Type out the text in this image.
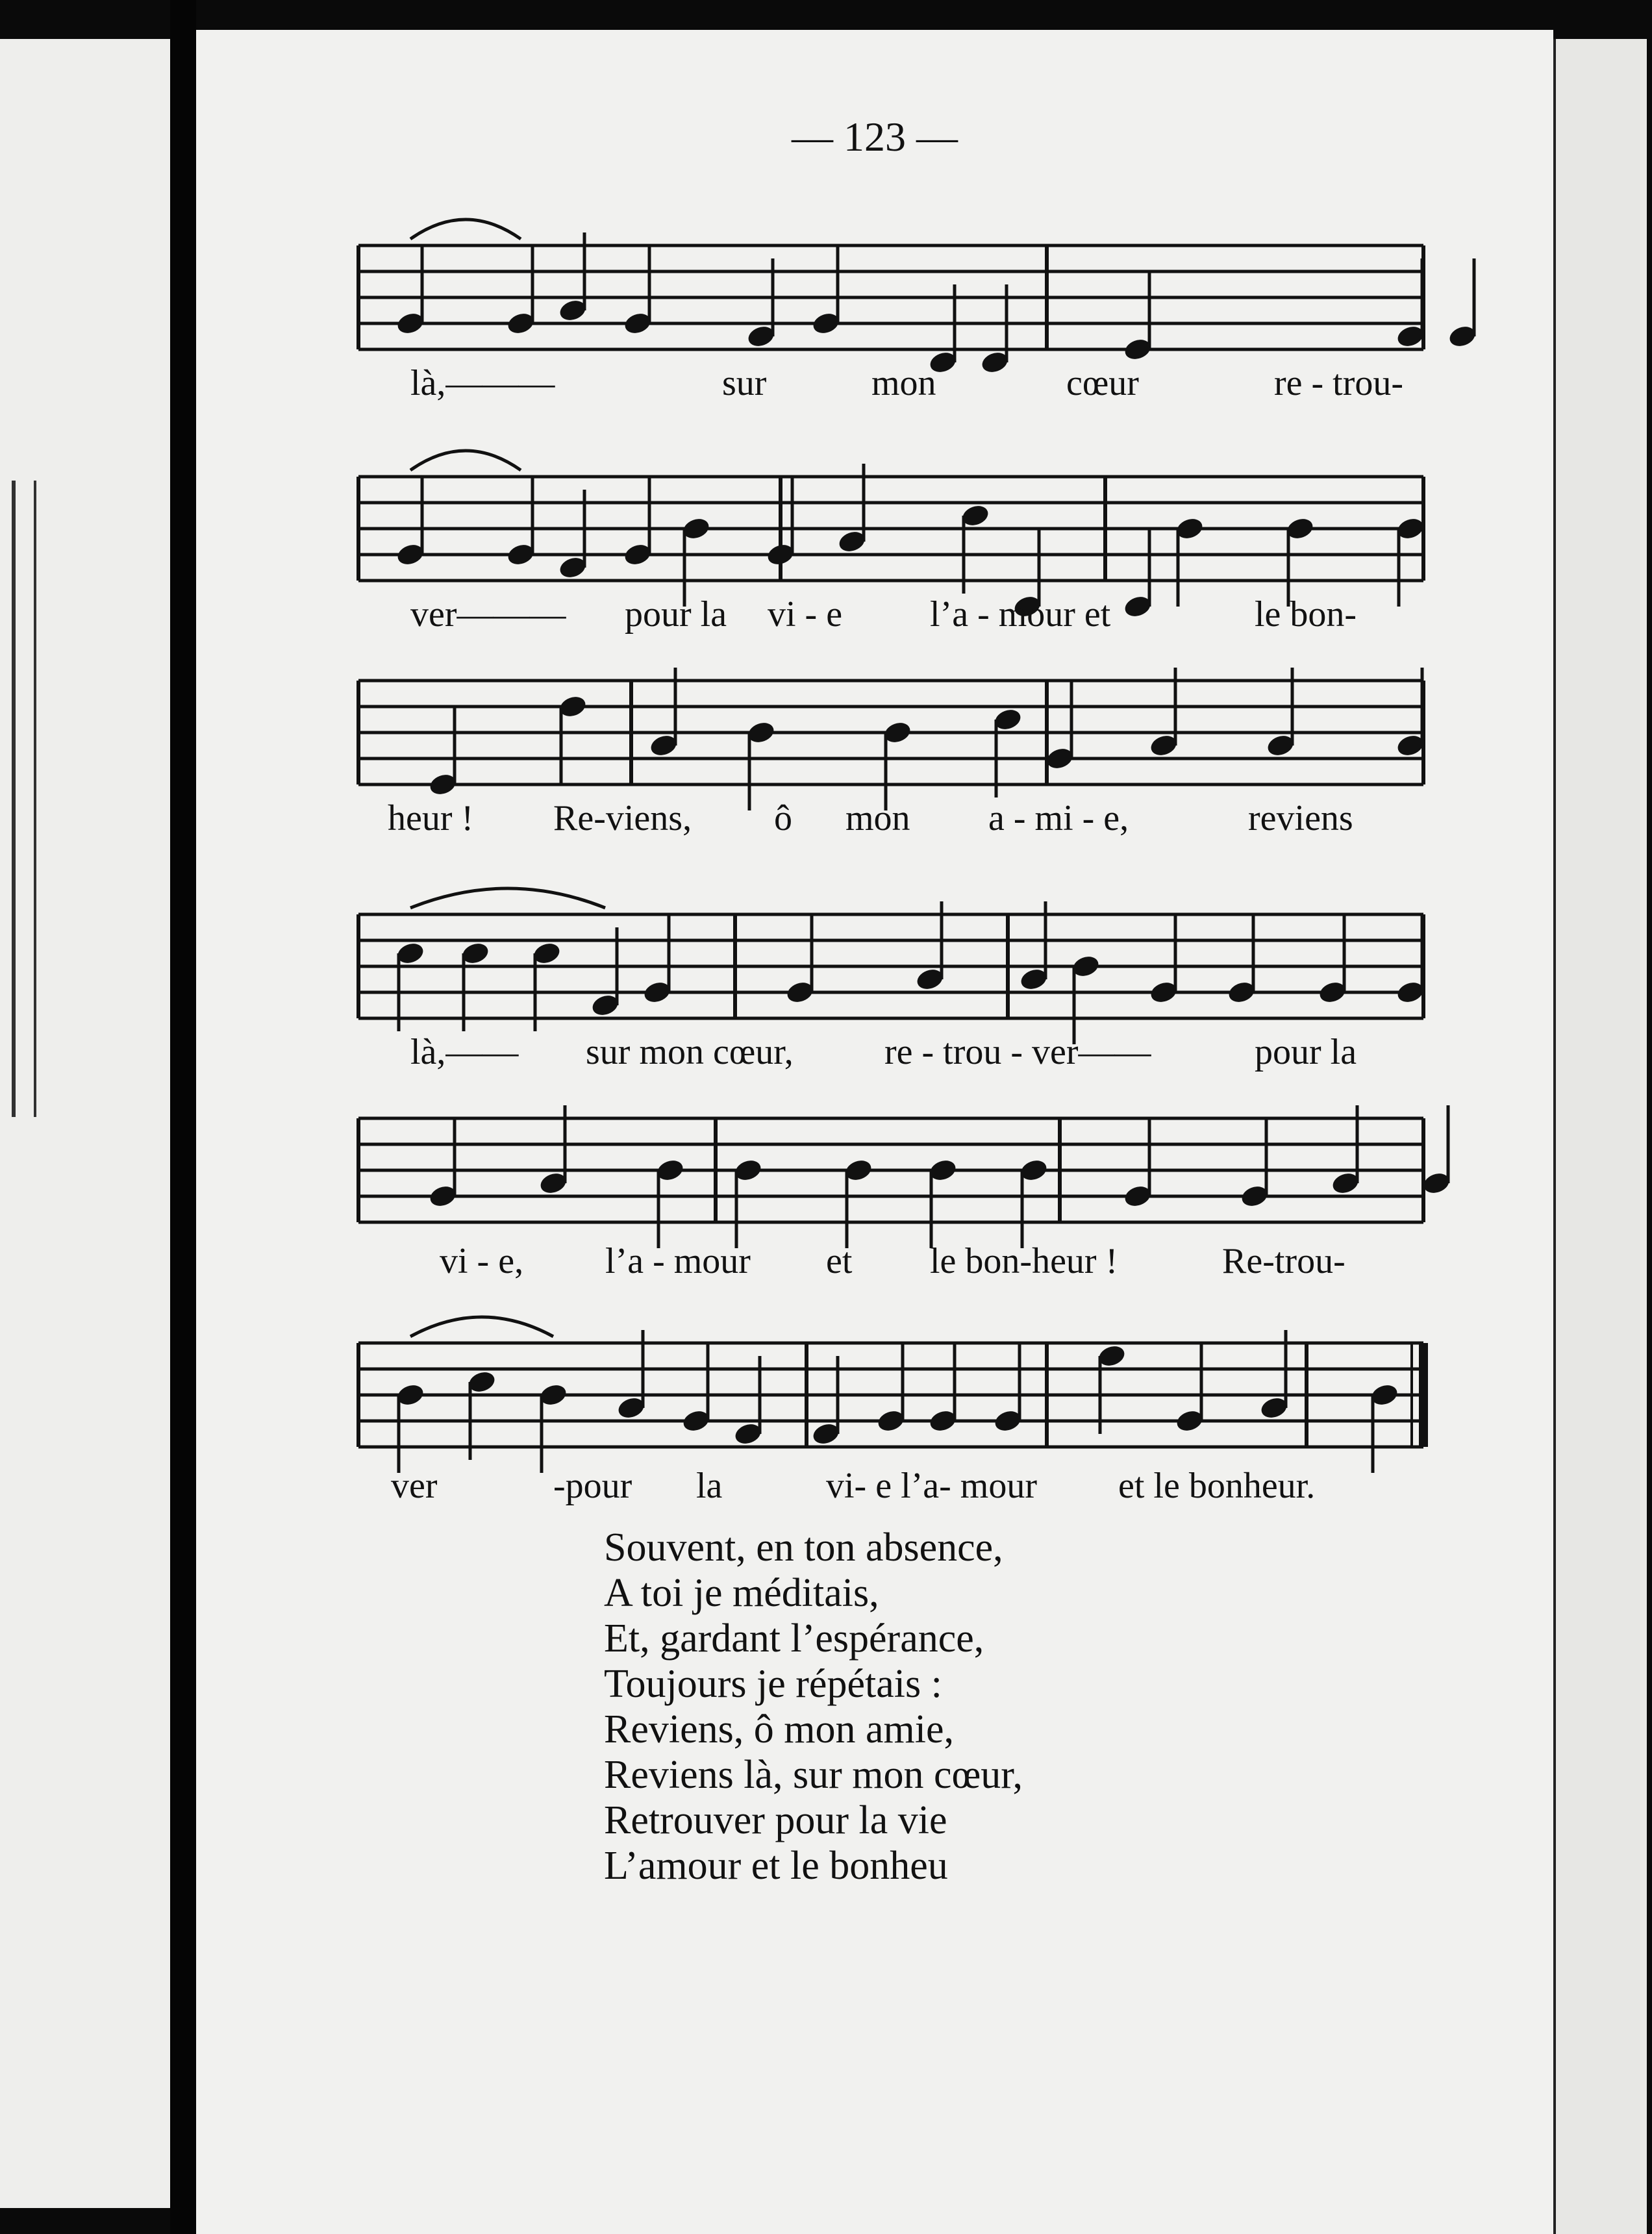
— 123 —
là,———	sur	mon	cœur	re - trou-
ver——— pour la vi - e l’a - mour et	le bon-
heur ! Re-viens, ô mon a - mi - e,	reviens
là,—— sur mon cœur,	re - trou - ver——	pour la
vi - e, l’a - mour et le bon-heur !	Re-trou-
ver	-pour la	vi- e l’a- mour et le bonheur.
Souvent, en ton absence,
A toi je méditais,
Et, gardant l’espérance,
Toujours je répétais :
Reviens, ô mon amie,
Reviens là, sur mon cœur,
Retrouver pour la vie
L’amour et le bonheu
